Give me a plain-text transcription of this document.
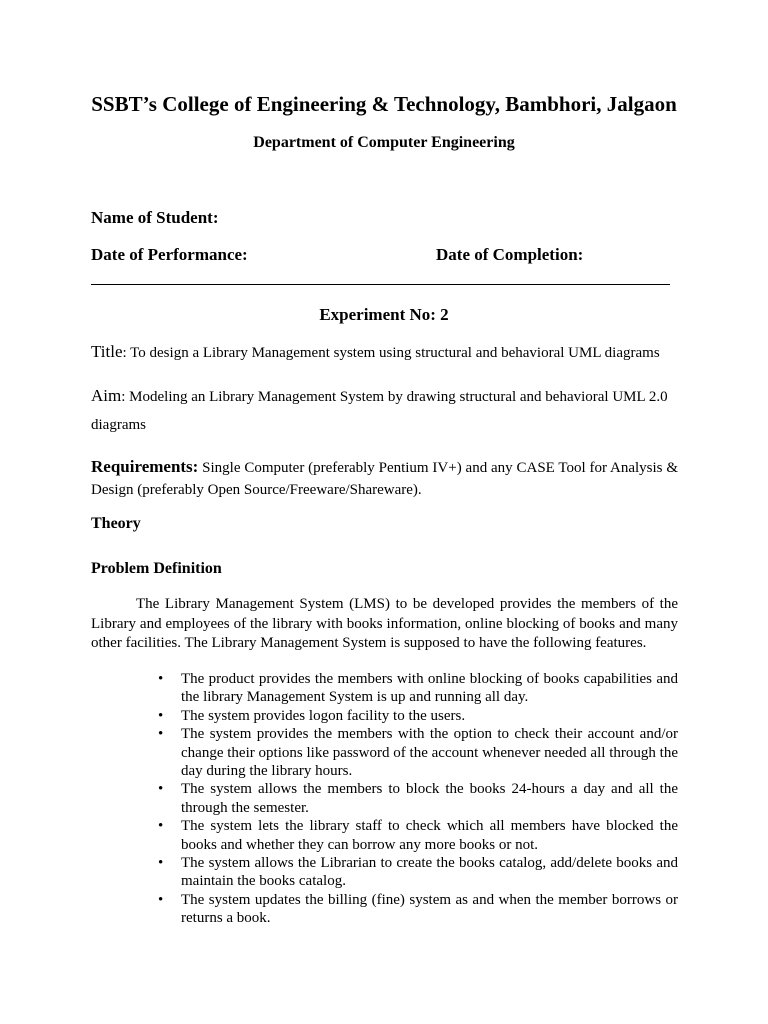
SSBT’s College of Engineering & Technology, Bambhori, Jalgaon
Department of Computer Engineering
Name of Student:
Date of Performance:	Date of Completion:
Experiment No: 2
Title: To design a Library Management system using structural and behavioral UML diagrams
Aim: Modeling an Library Management System by drawing structural and behavioral UML 2.0
diagrams
Requirements: Single Computer (preferably Pentium IV+) and any CASE Tool for Analysis & Design (preferably Open Source/Freeware/Shareware).
Theory
Problem Definition
The Library Management System (LMS) to be developed provides the members of the Library and employees of the library with books information, online blocking of books and many other facilities. The Library Management System is supposed to have the following features.
• The product provides the members with online blocking of books capabilities and the library Management System is up and running all day.
• The system provides logon facility to the users.
• The system provides the members with the option to check their account and/or change their options like password of the account whenever needed all through the day during the library hours.
• The system allows the members to block the books 24-hours a day and all the through the semester.
• The system lets the library staff to check which all members have blocked the books and whether they can borrow any more books or not.
• The system allows the Librarian to create the books catalog, add/delete books and maintain the books catalog.
• The system updates the billing (fine) system as and when the member borrows or returns a book.
